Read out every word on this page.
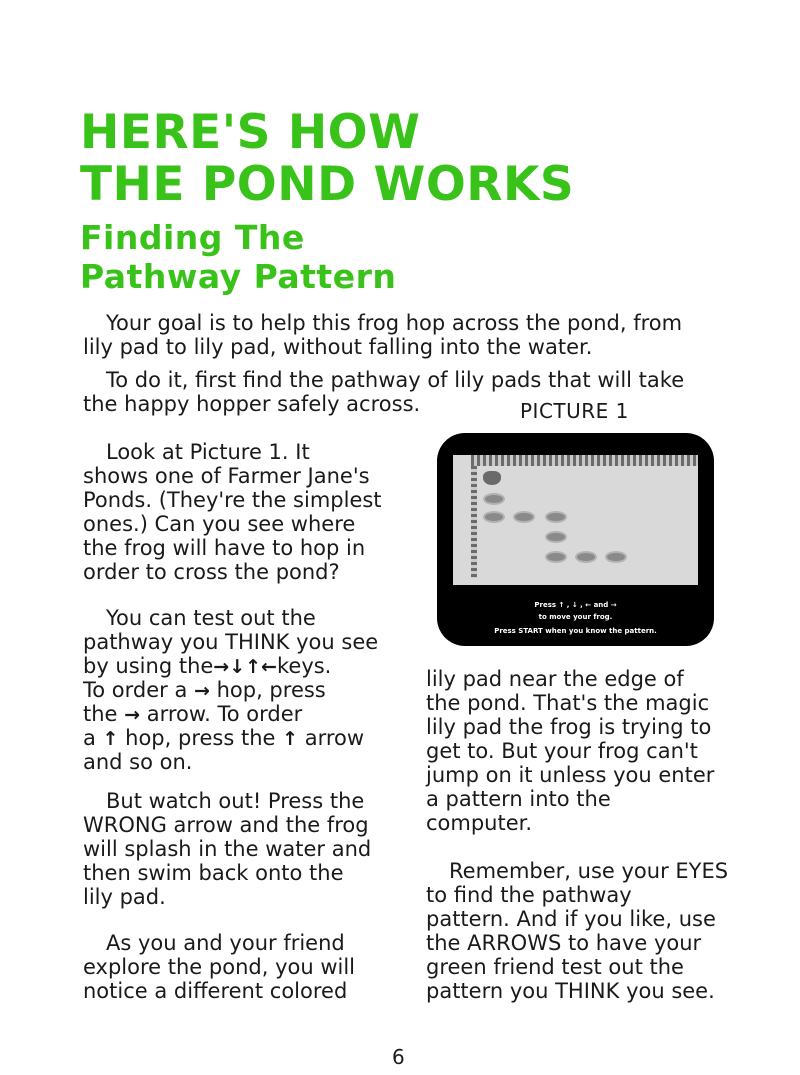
HERE'S HOW
THE POND WORKS
Finding The
Pathway Pattern
Your goal is to help this frog hop across the pond, from
lily pad to lily pad, without falling into the water.
To do it, first find the pathway of lily pads that will take
the happy hopper safely across.	PICTURE 1
Press ↑ , ↓ , ← and →
to move your frog.
Press START when you know the pattern.
Look at Picture 1. It
shows one of Farmer Jane's
Ponds. (They're the simplest
ones.) Can you see where
the frog will have to hop in
order to cross the pond?
You can test out the
pathway you THINK you see
by using the→↓↑←keys.
To order a → hop, press
the → arrow. To order
a ↑ hop, press the ↑ arrow
and so on.
But watch out! Press the
WRONG arrow and the frog
will splash in the water and
then swim back onto the
lily pad.
As you and your friend
explore the pond, you will
notice a different colored
lily pad near the edge of
the pond. That's the magic
lily pad the frog is trying to
get to. But your frog can't
jump on it unless you enter
a pattern into the
computer.
Remember, use your EYES
to find the pathway
pattern. And if you like, use
the ARROWS to have your
green friend test out the
pattern you THINK you see.
6
